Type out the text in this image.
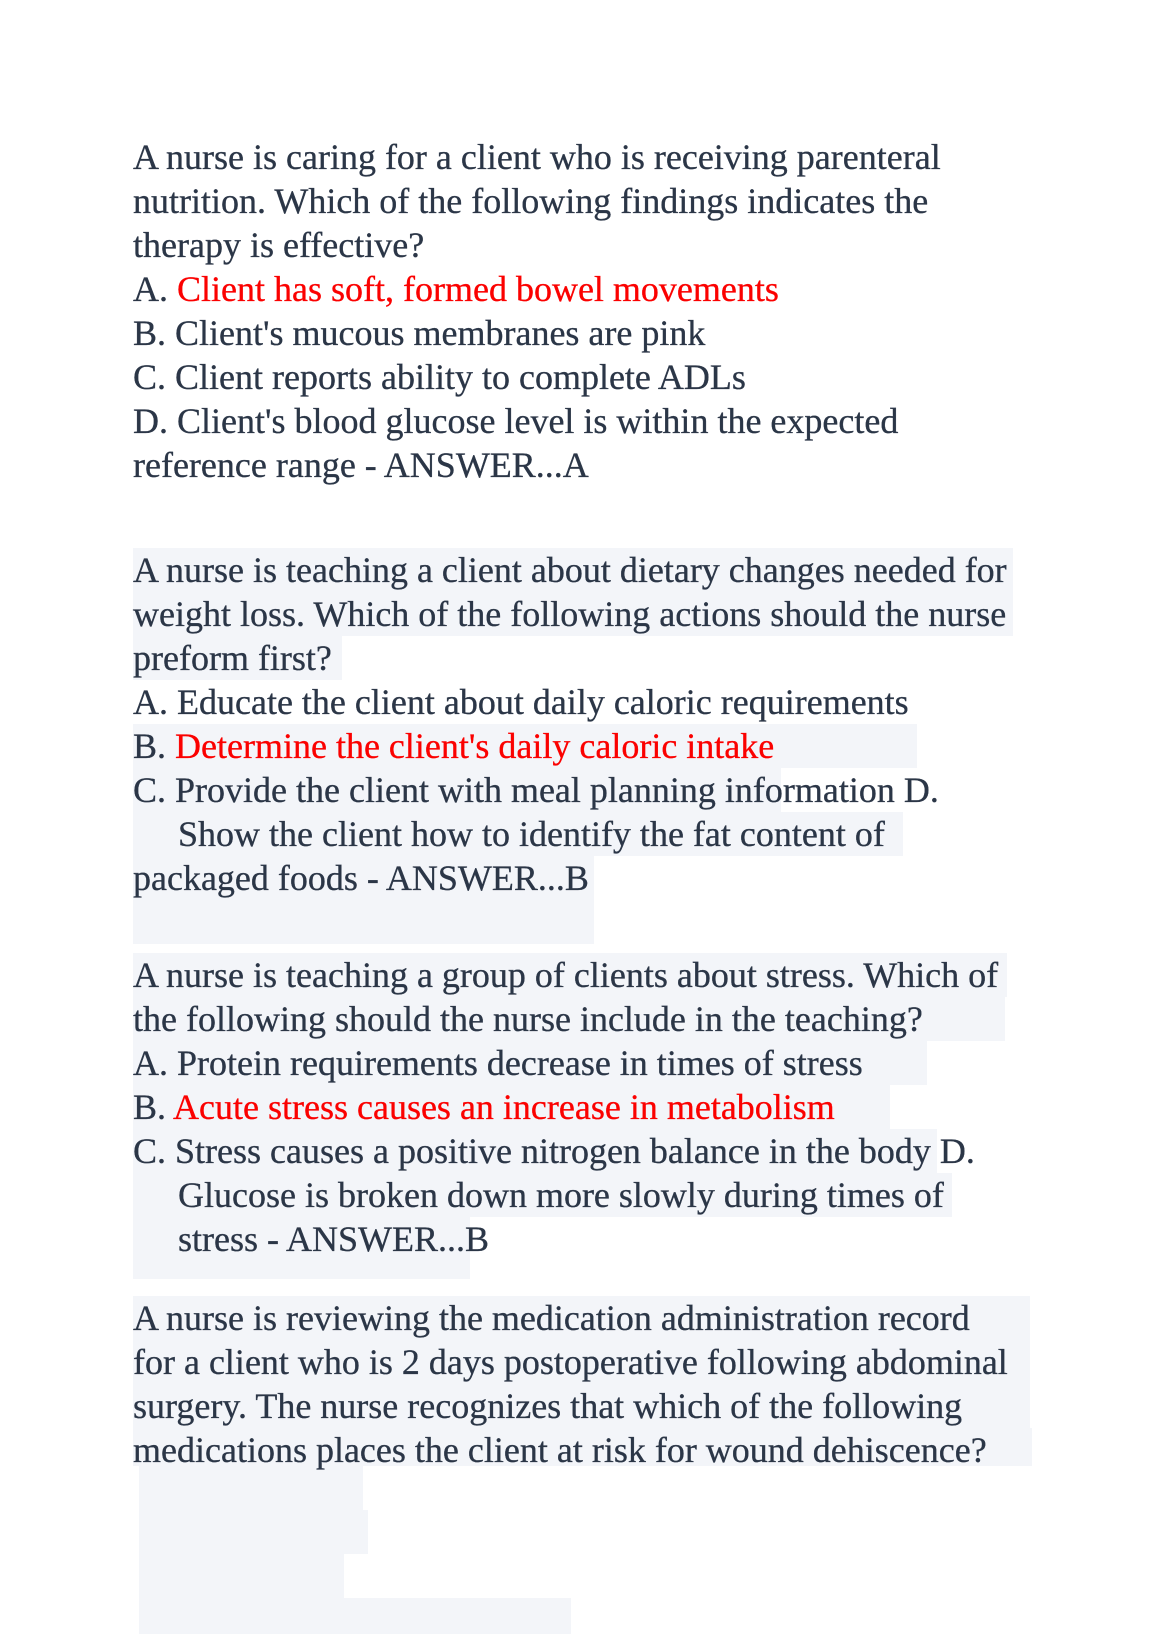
A nurse is caring for a client who is receiving parenteral
nutrition. Which of the following findings indicates the
therapy is effective?
A. Client has soft, formed bowel movements
B. Client's mucous membranes are pink
C. Client reports ability to complete ADLs
D. Client's blood glucose level is within the expected
reference range - ANSWER...A
A nurse is teaching a client about dietary changes needed for
weight loss. Which of the following actions should the nurse
preform first?
A. Educate the client about daily caloric requirements
B. Determine the client's daily caloric intake
C. Provide the client with meal planning information D.
Show the client how to identify the fat content of
packaged foods - ANSWER...B
A nurse is teaching a group of clients about stress. Which of
the following should the nurse include in the teaching?
A. Protein requirements decrease in times of stress
B. Acute stress causes an increase in metabolism
C. Stress causes a positive nitrogen balance in the body D.
Glucose is broken down more slowly during times of
stress - ANSWER...B
A nurse is reviewing the medication administration record
for a client who is 2 days postoperative following abdominal
surgery. The nurse recognizes that which of the following
medications places the client at risk for wound dehiscence?
